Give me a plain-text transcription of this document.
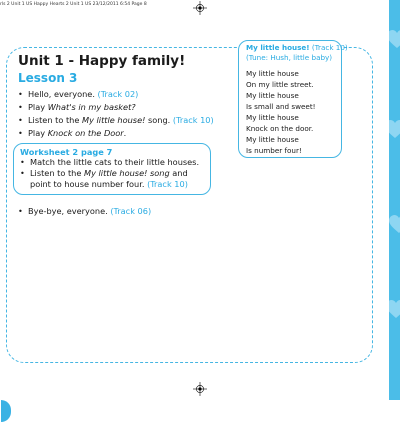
rls 2 Unit 1 US Happy Hearts 2 Unit 1 US 23/12/2011 6:54 Page 8
Unit 1 - Happy family!
Lesson 3
• Hello, everyone. (Track 02)
• Play What's in my basket?
• Listen to the My little house! song. (Track 10)
• Play Knock on the Door.
Worksheet 2 page 7
• Match the little cats to their little houses.
• Listen to the My little house! song and point to house number four. (Track 10)
• Bye-bye, everyone. (Track 06)
My little house! (Track 10)
(Tune: Hush, little baby)
My little house
On my little street.
My little house
Is small and sweet!
My little house
Knock on the door.
My little house
Is number four!
